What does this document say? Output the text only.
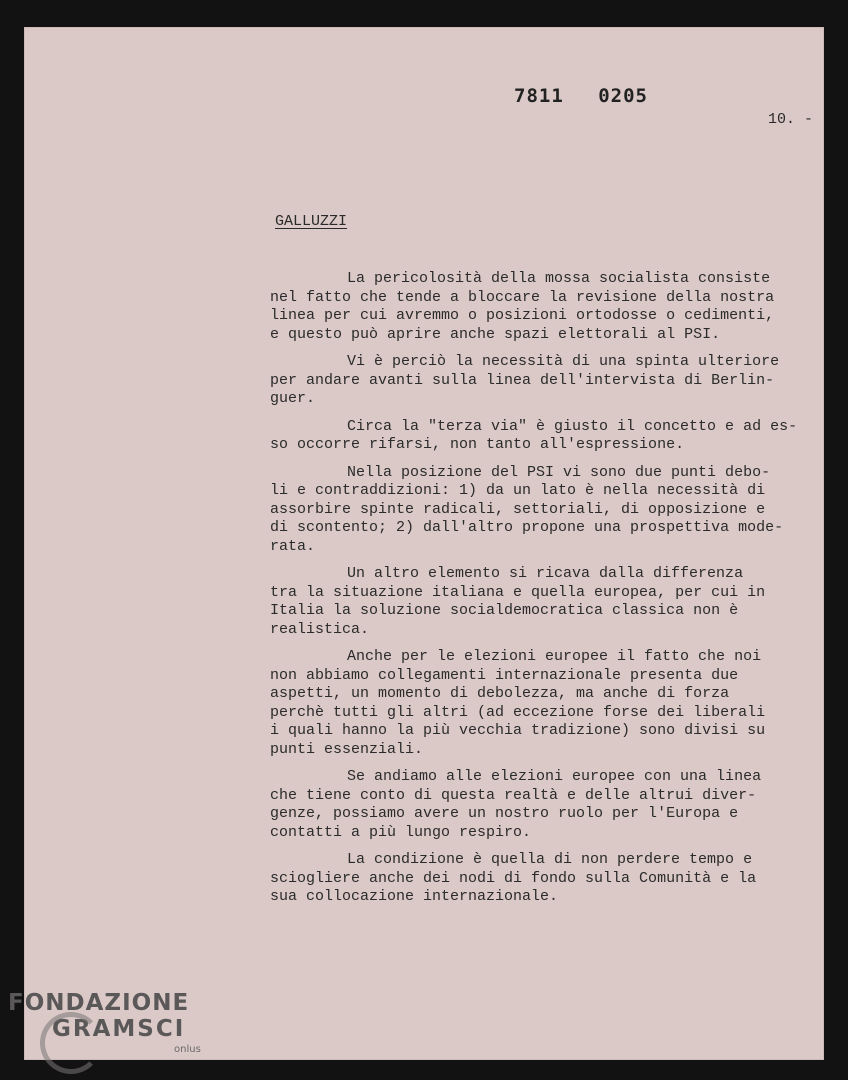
7811 0205
10. -
GALLUZZI
La pericolosità della mossa socialista consiste
nel fatto che tende a bloccare la revisione della nostra
linea per cui avremmo o posizioni ortodosse o cedimenti,
e questo può aprire anche spazi elettorali al PSI.
Vi è perciò la necessità di una spinta ulteriore
per andare avanti sulla linea dell'intervista di Berlin-
guer.
Circa la "terza via" è giusto il concetto e ad es-
so occorre rifarsi, non tanto all'espressione.
Nella posizione del PSI vi sono due punti debo-
li e contraddizioni: 1) da un lato è nella necessità di
assorbire spinte radicali, settoriali, di opposizione e
di scontento; 2) dall'altro propone una prospettiva mode-
rata.
Un altro elemento si ricava dalla differenza
tra la situazione italiana e quella europea, per cui in
Italia la soluzione socialdemocratica classica non è
realistica.
Anche per le elezioni europee il fatto che noi
non abbiamo collegamenti internazionale presenta due
aspetti, un momento di debolezza, ma anche di forza
perchè tutti gli altri (ad eccezione forse dei liberali
i quali hanno la più vecchia tradizione) sono divisi su
punti essenziali.
Se andiamo alle elezioni europee con una linea
che tiene conto di questa realtà e delle altrui diver-
genze, possiamo avere un nostro ruolo per l'Europa e
contatti a più lungo respiro.
La condizione è quella di non perdere tempo e
sciogliere anche dei nodi di fondo sulla Comunità e la
sua collocazione internazionale.
FONDAZIONE
GRAMSCI
onlus
